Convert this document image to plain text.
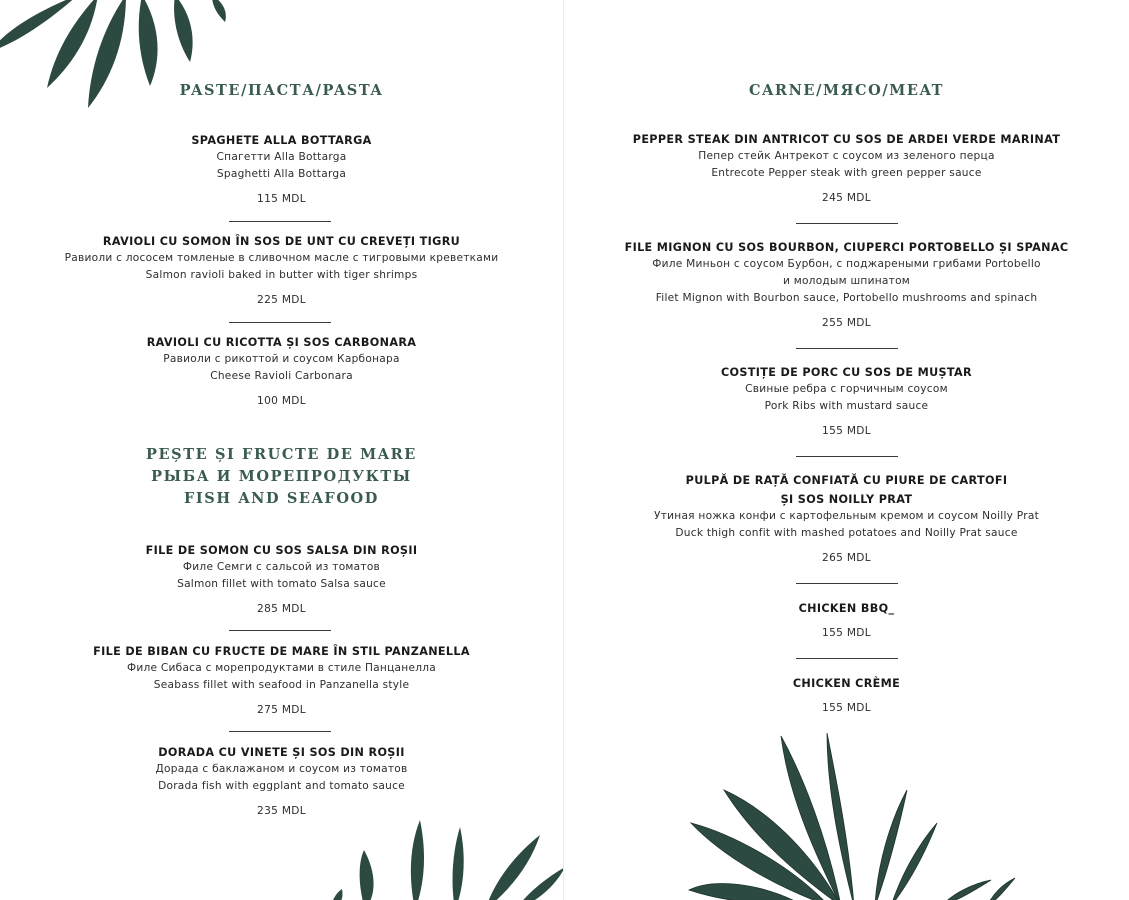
PASTE/ПАСТА/PASTA
SPAGHETE ALLA BOTTARGA
Спагетти Alla Bottarga
Spaghetti Alla Bottarga
115 MDL
RAVIOLI CU SOMON ÎN SOS DE UNT CU CREVEȚI TIGRU
Равиоли с лососем томленые в сливочном масле с тигровыми креветками
Salmon ravioli baked in butter with tiger shrimps
225 MDL
RAVIOLI CU RICOTTA ȘI SOS CARBONARA
Равиоли с рикоттой и соусом Карбонара
Cheese Ravioli Carbonara
100 MDL
PEȘTE ȘI FRUCTE DE MARE
РЫБА И МОРЕПРОДУКТЫ
FISH AND SEAFOOD
FILE DE SOMON CU SOS SALSA DIN ROȘII
Филе Семги с сальсой из томатов
Salmon fillet with tomato Salsa sauce
285 MDL
FILE DE BIBAN CU FRUCTE DE MARE ÎN STIL PANZANELLA
Филе Сибаса с морепродуктами в стиле Панцанелла
Seabass fillet with seafood in Panzanella style
275 MDL
DORADA CU VINETE ȘI SOS DIN ROȘII
Дорада с баклажаном и соусом из томатов
Dorada fish with eggplant and tomato sauce
235 MDL
CARNE/МЯСО/MEAT
PEPPER STEAK DIN ANTRICOT CU SOS DE ARDEI VERDE MARINAT
Пепер стейк Антрекот с соусом из зеленого перца
Entrecote Pepper steak with green pepper sauce
245 MDL
FILE MIGNON CU SOS BOURBON, CIUPERCI PORTOBELLO ȘI SPANAC
Филе Миньон с соусом Бурбон, с поджареными грибами Portobello
и молодым шпинатом
Filet Mignon with Bourbon sauce, Portobello mushrooms and spinach
255 MDL
COSTIȚE DE PORC CU SOS DE MUȘTAR
Свиные ребра с горчичным соусом
Pork Ribs with mustard sauce
155 MDL
PULPĂ DE RAȚĂ CONFIATĂ CU PIURE DE CARTOFI
ȘI SOS NOILLY PRAT
Утиная ножка конфи с картофельным кремом и соусом Noilly Prat
Duck thigh confit with mashed potatoes and Noilly Prat sauce
265 MDL
CHICKEN BBQ_
155 MDL
CHICKEN CRÈME
155 MDL
